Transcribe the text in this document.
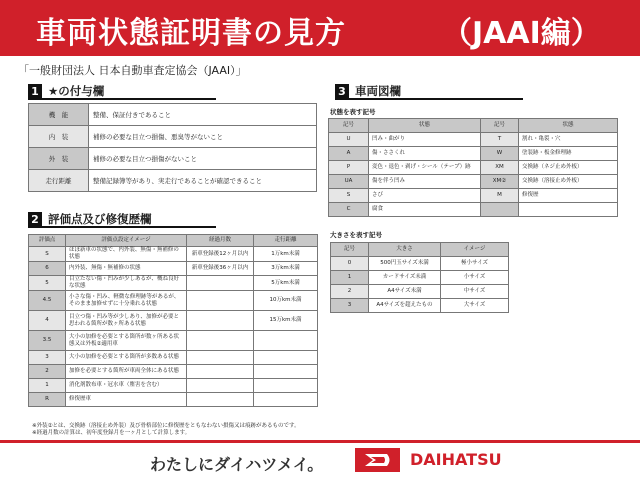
車両状態証明書の見方	（JAAI編）
「一般財団法人 日本自動車査定協会（JAAI）」
1 ★の付与欄
機　能	整備、保証付きであること
内　装	補修の必要な目立つ損傷、悪臭等がないこと
外　装	補修の必要な目立つ損傷がないこと
走行距離	整備記録簿等があり、実走行であることが確認できること
2 評価点及び修復歴欄
評価点	評価点設定イメージ	経過月数	走行距離
S	ほぼ新車の状態で、内外装、無傷・無補修の状態	新車登録後12ヶ月以内	1万km未満
6	内外装、無傷・無補修の状態	新車登録後36ヶ月以内	3万km未満
5	目立たない傷・凹みが少しあるが、概ね良好な状態		5万km未満
4.5	小さな傷・凹み、軽微な修理跡等があるが、そのまま加修せずに十分乗れる状態		10万km未満
4	目立つ傷・凹み等が少しあり、加修が必要と思われる箇所が数ヶ所ある状態		15万km未満
3.5	大小の加修を必要とする箇所が数ヶ所ある状態又は外板②適用車		
3	大小の加修を必要とする箇所が多数ある状態		
2	加修を必要とする箇所が車両全体にある状態		
1	消化剤散布車・冠水車（塵害を含む）		
R	修復歴車		
3 車両図欄
状態を表す記号
記号	状態	記号	状態
U	凹み・曲がり	T	割れ・亀裂・穴
A	傷・ささくれ	W	塗装跡・板金修理跡
P	変色・退色・剥げ・シール（テープ）跡	XM	交換跡（ネジ止め外板）
UA	傷を伴う凹み	XM②	交換跡（溶接止め外板）
S	さび	M	修復歴
C	腐食		
大きさを表す記号
記号	大きさ	イメージ
0	500円玉サイズ未満	極小サイズ
1	カードサイズ未満	小サイズ
2	A4サイズ未満	中サイズ
3	A4サイズを超えたもの	大サイズ
※外装②とは、交換跡（溶接止め外装）及び骨格部位に修復歴をともなわない損傷又は痕跡があるものです。
※経過月数の計算は、初年度登録月を一ヶ月として計算します。
わたしにダイハツメイ。	DAIHATSU
